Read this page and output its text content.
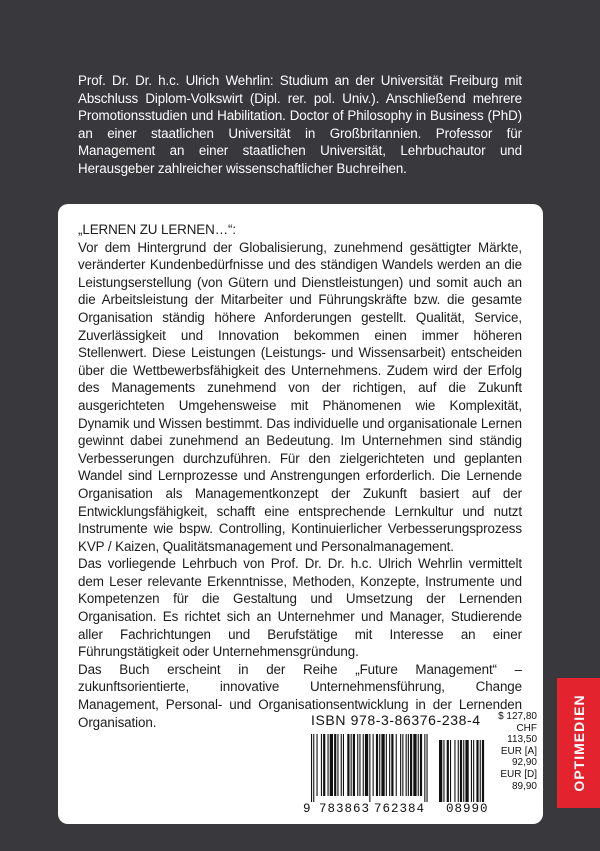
Prof. Dr. Dr. h.c. Ulrich Wehrlin: Studium an der Universität Freiburg mit Abschluss Diplom-Volkswirt (Dipl. rer. pol. Univ.). Anschließend mehrere Promotionsstudien und Habilitation. Doctor of Philosophy in Business (PhD) an einer staatlichen Universität in Großbritannien. Professor für Management an einer staatlichen Universität, Lehrbuchautor und Herausgeber zahlreicher wissenschaftlicher Buchreihen.

„LERNEN ZU LERNEN…“:

Vor dem Hintergrund der Globalisierung, zunehmend gesättigter Märkte, veränderter Kundenbedürfnisse und des ständigen Wandels werden an die Leistungserstellung (von Gütern und Dienstleistungen) und somit auch an die Arbeitsleistung der Mitarbeiter und Führungskräfte bzw. die gesamte Organisation ständig höhere Anforderungen gestellt. Qualität, Service, Zuverlässigkeit und Innovation bekommen einen immer höheren Stellenwert. Diese Leistungen (Leistungs- und Wissensarbeit) entscheiden über die Wettbewerbsfähigkeit des Unternehmens. Zudem wird der Erfolg des Managements zunehmend von der richtigen, auf die Zukunft ausgerichteten Umgehensweise mit Phänomenen wie Komplexität, Dynamik und Wissen bestimmt. Das individuelle und organisationale Lernen gewinnt dabei zunehmend an Bedeutung. Im Unternehmen sind ständig Verbesserungen durchzuführen. Für den zielgerichteten und geplanten Wandel sind Lernprozesse und Anstrengungen erforderlich. Die Lernende Organisation als Managementkonzept der Zukunft basiert auf der Entwicklungsfähigkeit, schafft eine entsprechende Lernkultur und nutzt Instrumente wie bspw. Controlling, Kontinuierlicher Verbesserungsprozess KVP / Kaizen, Qualitätsmanagement und Personalmanagement.

Das vorliegende Lehrbuch von Prof. Dr. Dr. h.c. Ulrich Wehrlin vermittelt dem Leser relevante Erkenntnisse, Methoden, Konzepte, Instrumente und Kompetenzen für die Gestaltung und Umsetzung der Lernenden Organisation. Es richtet sich an Unternehmer und Manager, Studierende aller Fachrichtungen und Berufstätige mit Interesse an einer Führungstätigkeit oder Unternehmensgründung.

Das Buch erscheint in der Reihe „Future Management“ – zukunftsorientierte, innovative Unternehmensführung, Change Management, Personal- und Organisationsentwicklung in der Lernenden Organisation.	ISBN 978-3-86376-238-4
9 783863 762384 08990
$ 127,80
CHF 113,50
EUR [A] 92,90
EUR [D] 89,90 OPTIMEDIEN
